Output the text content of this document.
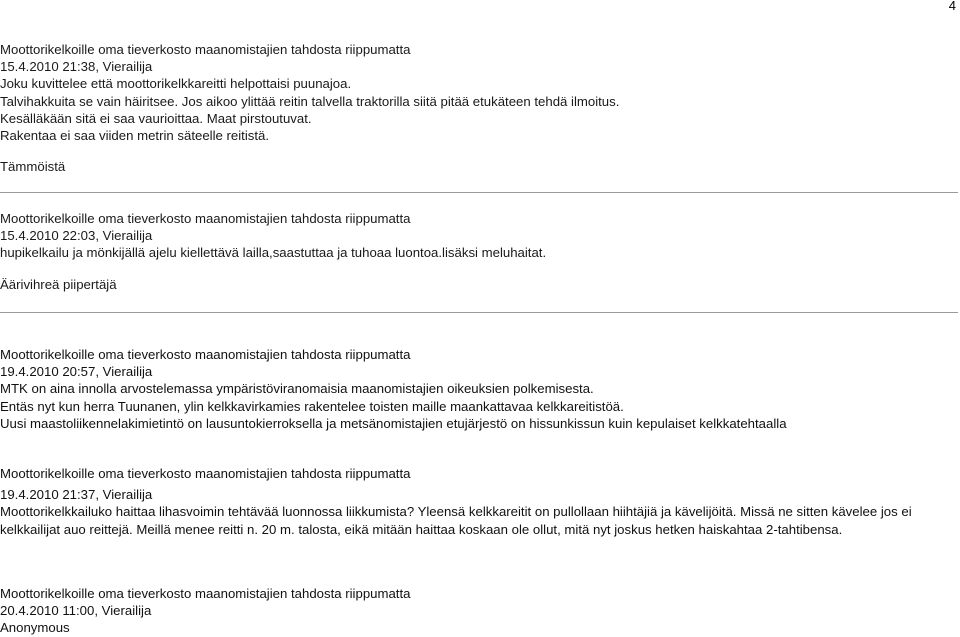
4
Moottorikelkoille oma tieverkosto maanomistajien tahdosta riippumatta
15.4.2010 21:38, Vierailija
Joku kuvittelee että moottorikelkkareitti helpottaisi puunajoa.
Talvihakkuita se vain häiritsee. Jos aikoo ylittää reitin talvella traktorilla siitä pitää etukäteen tehdä ilmoitus.
Kesälläkään sitä ei saa vaurioittaa. Maat pirstoutuvat.
Rakentaa ei saa viiden metrin säteelle reitistä.
Tämmöistä
Moottorikelkoille oma tieverkosto maanomistajien tahdosta riippumatta
15.4.2010 22:03, Vierailija
hupikelkailu ja mönkijällä ajelu kiellettävä lailla,saastuttaa ja tuhoaa luontoa.lisäksi meluhaitat.
Äärivihreä piipertäjä
Moottorikelkoille oma tieverkosto maanomistajien tahdosta riippumatta
19.4.2010 20:57, Vierailija
MTK on aina innolla arvostelemassa ympäristöviranomaisia maanomistajien oikeuksien polkemisesta.
Entäs nyt kun herra Tuunanen, ylin kelkkavirkamies rakentelee toisten maille maankattavaa kelkkareitistöä.
Uusi maastoliikennelakimietintö on lausuntokierroksella ja metsänomistajien etujärjestö on hissunkissun kuin kepulaiset kelkkatehtaalla
Moottorikelkoille oma tieverkosto maanomistajien tahdosta riippumatta
19.4.2010 21:37, Vierailija
Moottorikelkkailuko haittaa lihasvoimin tehtävää luonnossa liikkumista? Yleensä kelkkareitit on pullollaan hiihtäjiä ja kävelijöitä. Missä ne sitten kävelee jos ei kelkkailijat auo reittejä. Meillä menee reitti n. 20 m. talosta, eikä mitään haittaa koskaan ole ollut, mitä nyt joskus hetken haiskahtaa 2-tahtibensa.
Moottorikelkoille oma tieverkosto maanomistajien tahdosta riippumatta
20.4.2010 11:00, Vierailija
Anonymous
